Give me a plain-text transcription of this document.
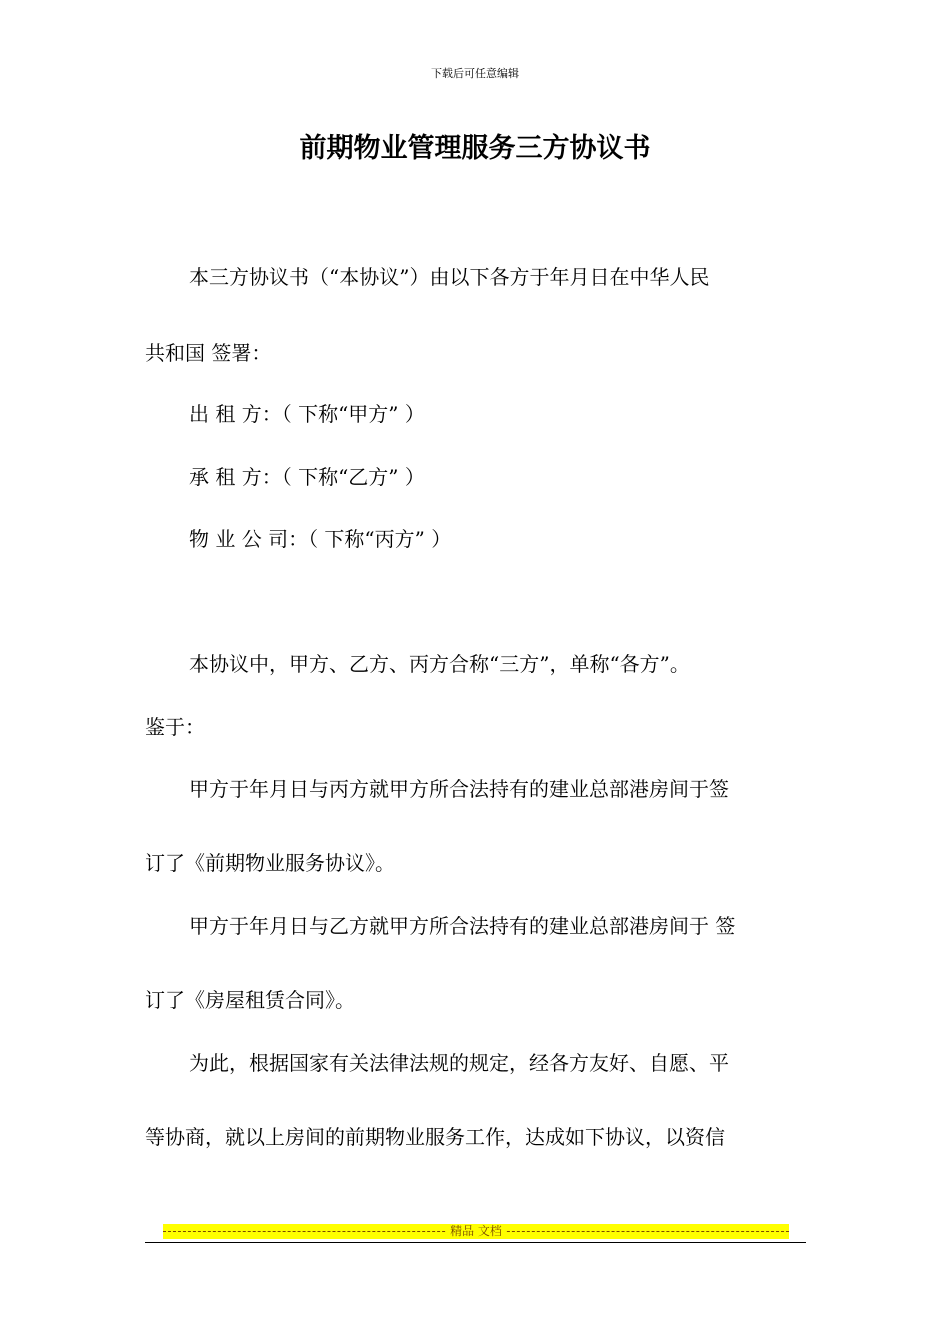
下载后可任意编辑
前期物业管理服务三方协议书
本三方协议书（“本协议”）由以下各方于年月日在中华人民
共和国 签署：
出 租 方：（ 下称“甲方” ）
承 租 方：（ 下称“乙方” ）
物 业 公 司：（ 下称“丙方” ）
本协议中，甲方、乙方、丙方合称“三方”，单称“各方”。
鉴于：
甲方于年月日与丙方就甲方所合法持有的建业总部港房间于签
订了《前期物业服务协议》。
甲方于年月日与乙方就甲方所合法持有的建业总部港房间于 签
订了《房屋租赁合同》。
为此，根据国家有关法律法规的规定，经各方友好、自愿、平
等协商，就以上房间的前期物业服务工作，达成如下协议，以资信
精品 文档
